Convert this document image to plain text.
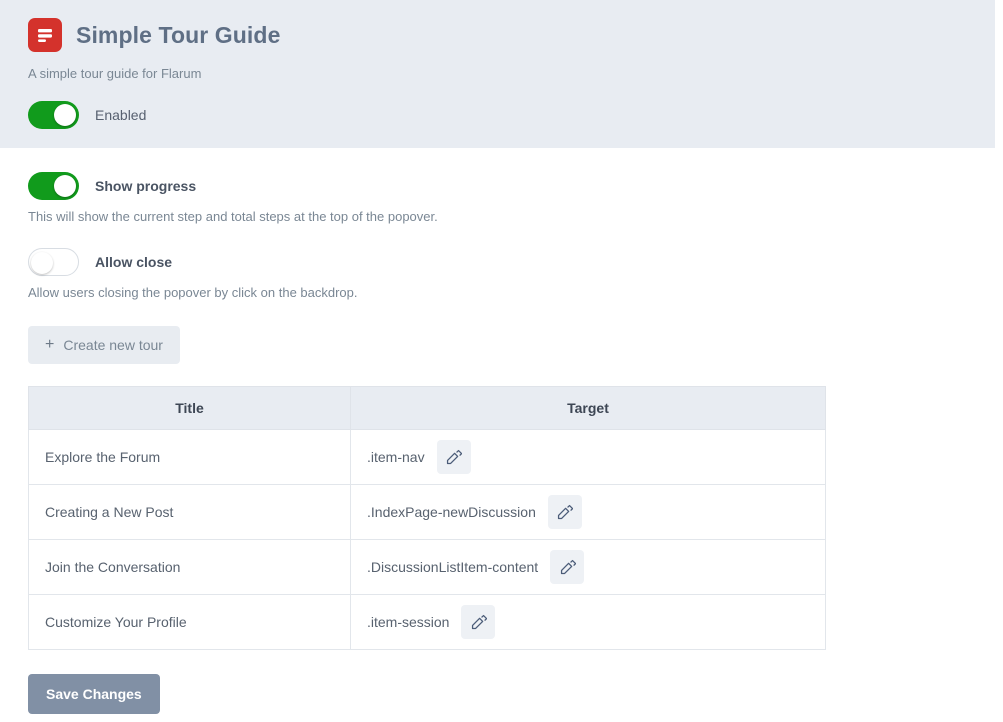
Simple Tour Guide
A simple tour guide for Flarum
Enabled
Show progress
This will show the current step and total steps at the top of the popover.
Allow close
Allow users closing the popover by click on the backdrop.
+ Create new tour
Title	Target
Explore the Forum	.item-nav

Creating a New Post	.IndexPage-newDiscussion

Join the Conversation	.DiscussionListItem-content

Customize Your Profile	.item-session
Save Changes
